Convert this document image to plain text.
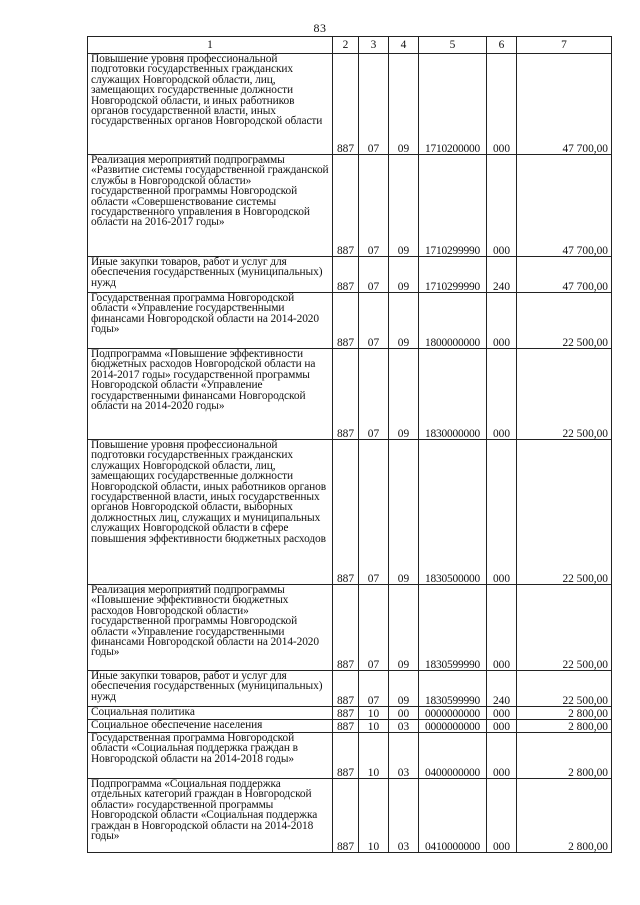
83
1	2	3	4	5	6	7
Повышение уровня профессиональной подготовки государственных гражданских служащих Новгородской области, лиц, замещающих государственные должности Новгородской области, и иных работников органов государственной власти, иных государственных органов Новгородской области	887	07	09	1710200000	000	47 700,00
Реализация мероприятий подпрограммы «Развитие системы государственной гражданской службы в Новгородской области» государственной программы Новгородской области «Совершенствование системы государственного управления в Новгородской области на 2016-2017 годы»	887	07	09	1710299990	000	47 700,00
Иные закупки товаров, работ и услуг для обеспечения государственных (муниципальных) нужд	887	07	09	1710299990	240	47 700,00
Государственная программа Новгородской области «Управление государственными финансами Новгородской области на 2014-2020 годы»	887	07	09	1800000000	000	22 500,00
Подпрограмма «Повышение эффективности бюджетных расходов Новгородской области на 2014-2017 годы» государственной программы Новгородской области «Управление государственными финансами Новгородской области на 2014-2020 годы»	887	07	09	1830000000	000	22 500,00
Повышение уровня профессиональной подготовки государственных гражданских служащих Новгородской области, лиц, замещающих государственные должности Новгородской области, иных работников органов государственной власти, иных государственных органов Новгородской области, выборных должностных лиц, служащих и муниципальных служащих Новгородской области в сфере повышения эффективности бюджетных расходов	887	07	09	1830500000	000	22 500,00
Реализация мероприятий подпрограммы «Повышение эффективности бюджетных расходов Новгородской области» государственной программы Новгородской области «Управление государственными финансами Новгородской области на 2014-2020 годы»	887	07	09	1830599990	000	22 500,00
Иные закупки товаров, работ и услуг для обеспечения государственных (муниципальных) нужд	887	07	09	1830599990	240	22 500,00
Социальная политика	887	10	00	0000000000	000	2 800,00
Социальное обеспечение населения	887	10	03	0000000000	000	2 800,00
Государственная программа Новгородской области «Социальная поддержка граждан в Новгородской области на 2014-2018 годы»	887	10	03	0400000000	000	2 800,00
Подпрограмма «Социальная поддержка отдельных категорий граждан в Новгородской области» государственной программы Новгородской области «Социальная поддержка граждан в Новгородской области на 2014-2018 годы»	887	10	03	0410000000	000	2 800,00
